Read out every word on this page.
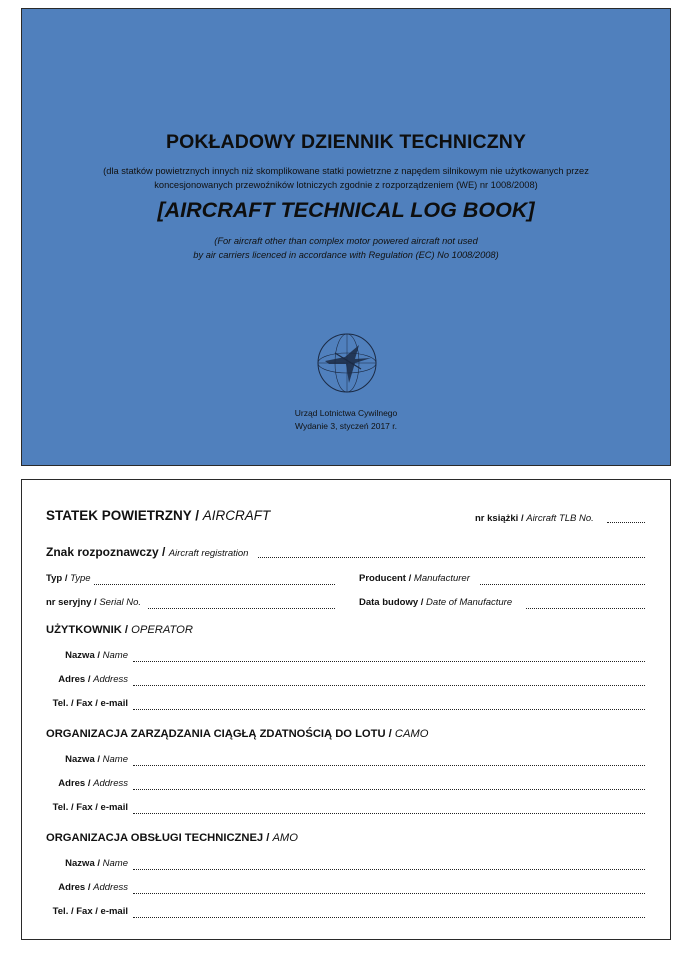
POKŁADOWY DZIENNIK TECHNICZNY
(dla statków powietrznych innych niż skomplikowane statki powietrzne z napędem silnikowym nie użytkowanych przez
koncesjonowanych przewoźników lotniczych zgodnie z rozporządzeniem (WE) nr 1008/2008)
[AIRCRAFT TECHNICAL LOG BOOK]
(For aircraft other than complex motor powered aircraft not used
by air carriers licenced in accordance with Regulation (EC) No 1008/2008)
Urząd Lotnictwa Cywilnego
Wydanie 3, styczeń 2017 r.
STATEK POWIETRZNY / AIRCRAFT	nr książki / Aircraft TLB No.
Znak rozpoznawczy / Aircraft registration
Typ / Type	Producent / Manufacturer
nr seryjny / Serial No.	Data budowy / Date of Manufacture
UŻYTKOWNIK / OPERATOR
Nazwa / Name
Adres / Address
Tel. / Fax / e-mail
ORGANIZACJA ZARZĄDZANIA CIĄGŁĄ ZDATNOŚCIĄ DO LOTU / CAMO
Nazwa / Name
Adres / Address
Tel. / Fax / e-mail
ORGANIZACJA OBSŁUGI TECHNICZNEJ / AMO
Nazwa / Name
Adres / Address
Tel. / Fax / e-mail
